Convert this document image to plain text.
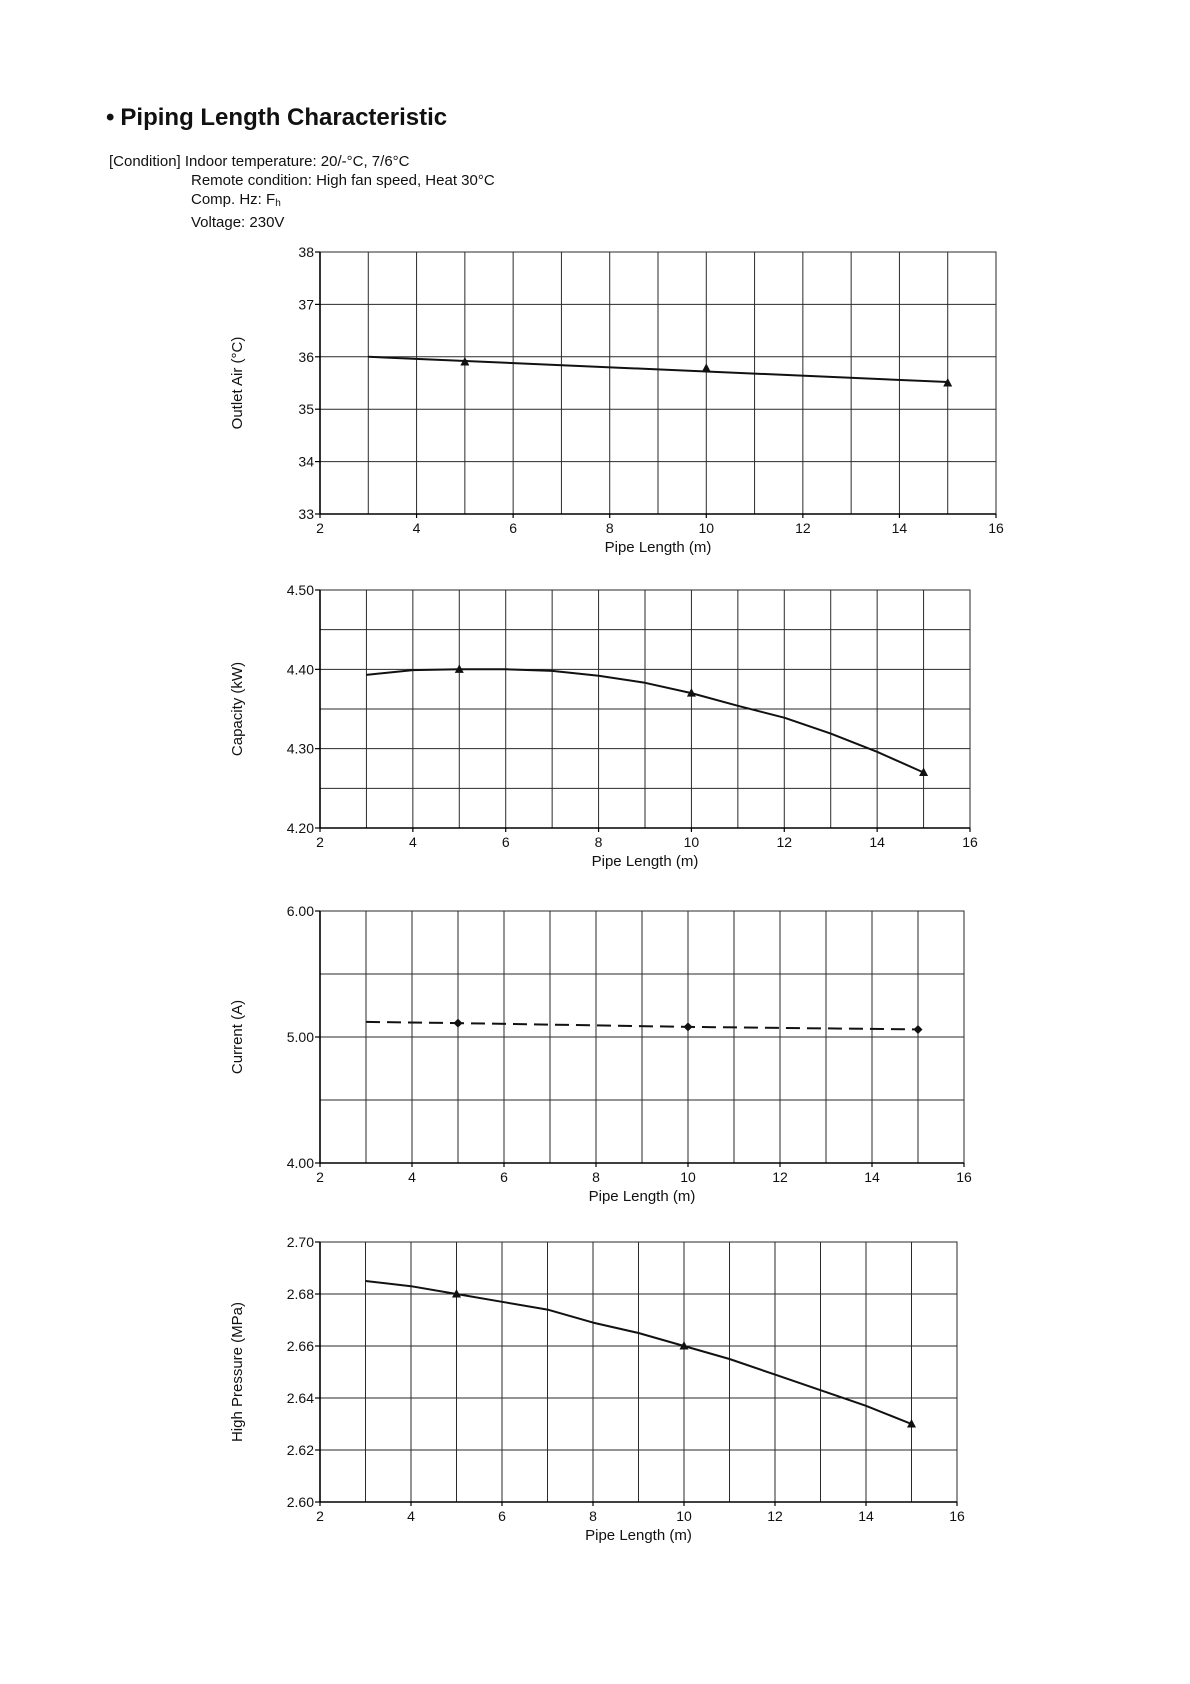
• Piping Length Characteristic
[Condition] Indoor temperature: 20/-°C, 7/6°C
Remote condition: High fan speed, Heat 30°C
Comp. Hz: $F_h$
Voltage: 230V
33
34
35
36
37
38
2	4	6	8	10	12	14	16
Pipe Length (m)
Outlet Air (°C)
4.20
4.30
4.40
4.50
2	4	6	8	10	12	14	16
Pipe Length (m)
Capacity (kW)
4.00
5.00
6.00
2	4	6	8	10	12	14	16
Pipe Length (m)
Current (A)
2.60
2.62
2.64
2.66
2.68
2.70
2	4	6	8	10	12	14	16
Pipe Length (m)
High Pressure (MPa)
